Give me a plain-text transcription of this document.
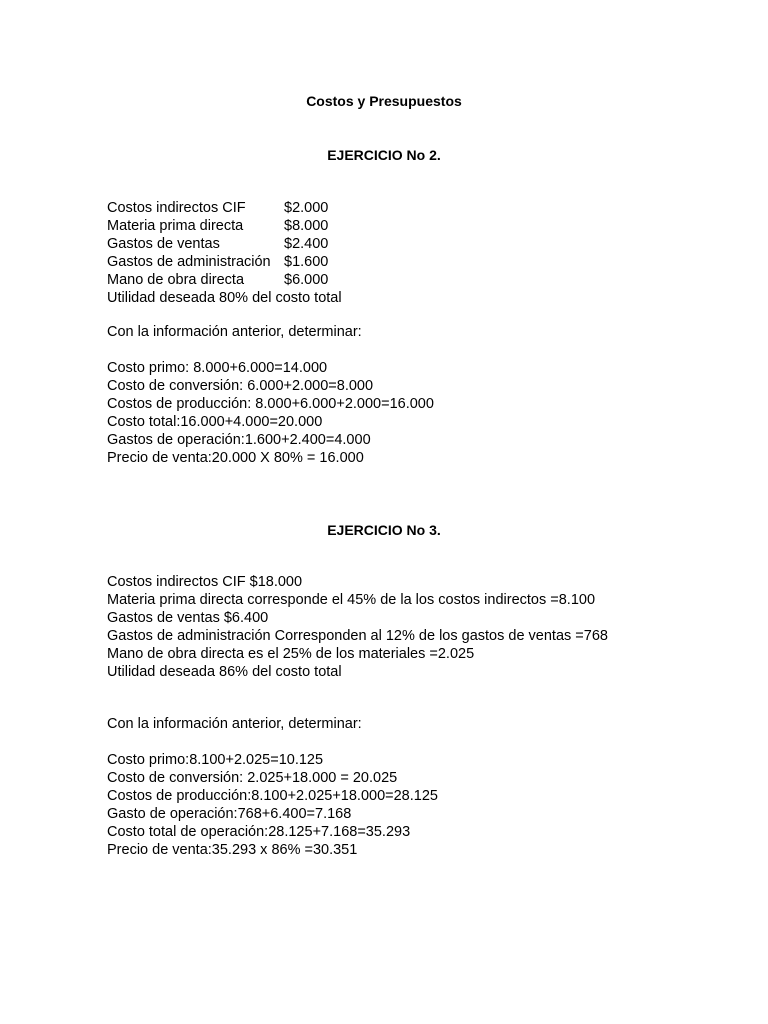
Costos y Presupuestos
EJERCICIO No 2.
Costos indirectos CIF	$2.000
Materia prima directa	$8.000
Gastos de ventas	$2.400
Gastos de administración $1.600
Mano de obra directa	$6.000
Utilidad deseada 80% del costo total
Con la información anterior, determinar:
Costo primo: 8.000+6.000=14.000
Costo de conversión: 6.000+2.000=8.000
Costos de producción: 8.000+6.000+2.000=16.000
Costo total:16.000+4.000=20.000
Gastos de operación:1.600+2.400=4.000
Precio de venta:20.000 X 80% = 16.000
EJERCICIO No 3.
Costos indirectos CIF $18.000
Materia prima directa corresponde el 45% de la los costos indirectos =8.100
Gastos de ventas $6.400
Gastos de administración Corresponden al 12% de los gastos de ventas =768
Mano de obra directa es el 25% de los materiales =2.025
Utilidad deseada 86% del costo total
Con la información anterior, determinar:
Costo primo:8.100+2.025=10.125
Costo de conversión: 2.025+18.000 = 20.025
Costos de producción:8.100+2.025+18.000=28.125
Gasto de operación:768+6.400=7.168
Costo total de operación:28.125+7.168=35.293
Precio de venta:35.293 x 86% =30.351
